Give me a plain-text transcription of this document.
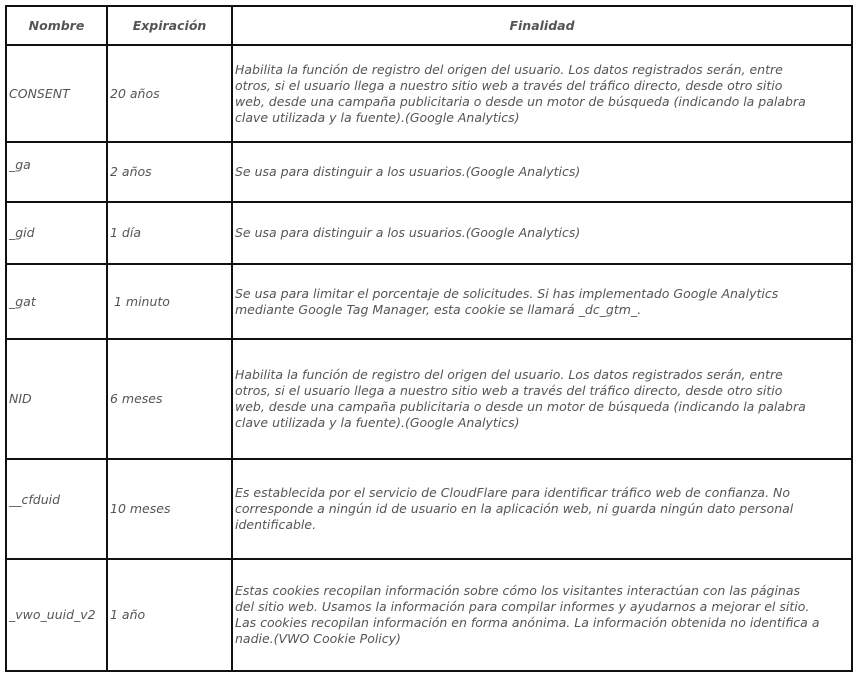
Nombre	Expiración	Finalidad
CONSENT	20 años	Habilita la función de registro del origen del usuario. Los datos registrados serán, entre
otros, si el usuario llega a nuestro sitio web a través del tráfico directo, desde otro sitio
web, desde una campaña publicitaria o desde un motor de búsqueda (indicando la palabra
clave utilizada y la fuente).(Google Analytics)

_ga	2 años	Se usa para distinguir a los usuarios.(Google Analytics)

_gid	1 día	Se usa para distinguir a los usuarios.(Google Analytics)

_gat	1 minuto	Se usa para limitar el porcentaje de solicitudes. Si has implementado Google Analytics
mediante Google Tag Manager, esta cookie se llamará _dc_gtm_.

NID	6 meses	Habilita la función de registro del origen del usuario. Los datos registrados serán, entre
otros, si el usuario llega a nuestro sitio web a través del tráfico directo, desde otro sitio
web, desde una campaña publicitaria o desde un motor de búsqueda (indicando la palabra
clave utilizada y la fuente).(Google Analytics)

__cfduid	10 meses	Es establecida por el servicio de CloudFlare para identificar tráfico web de confianza. No
corresponde a ningún id de usuario en la aplicación web, ni guarda ningún dato personal
identificable.

_vwo_uuid_v2	1 año	Estas cookies recopilan información sobre cómo los visitantes interactúan con las páginas
del sitio web. Usamos la información para compilar informes y ayudarnos a mejorar el sitio.
Las cookies recopilan información en forma anónima. La información obtenida no identifica a
nadie.(VWO Cookie Policy)
